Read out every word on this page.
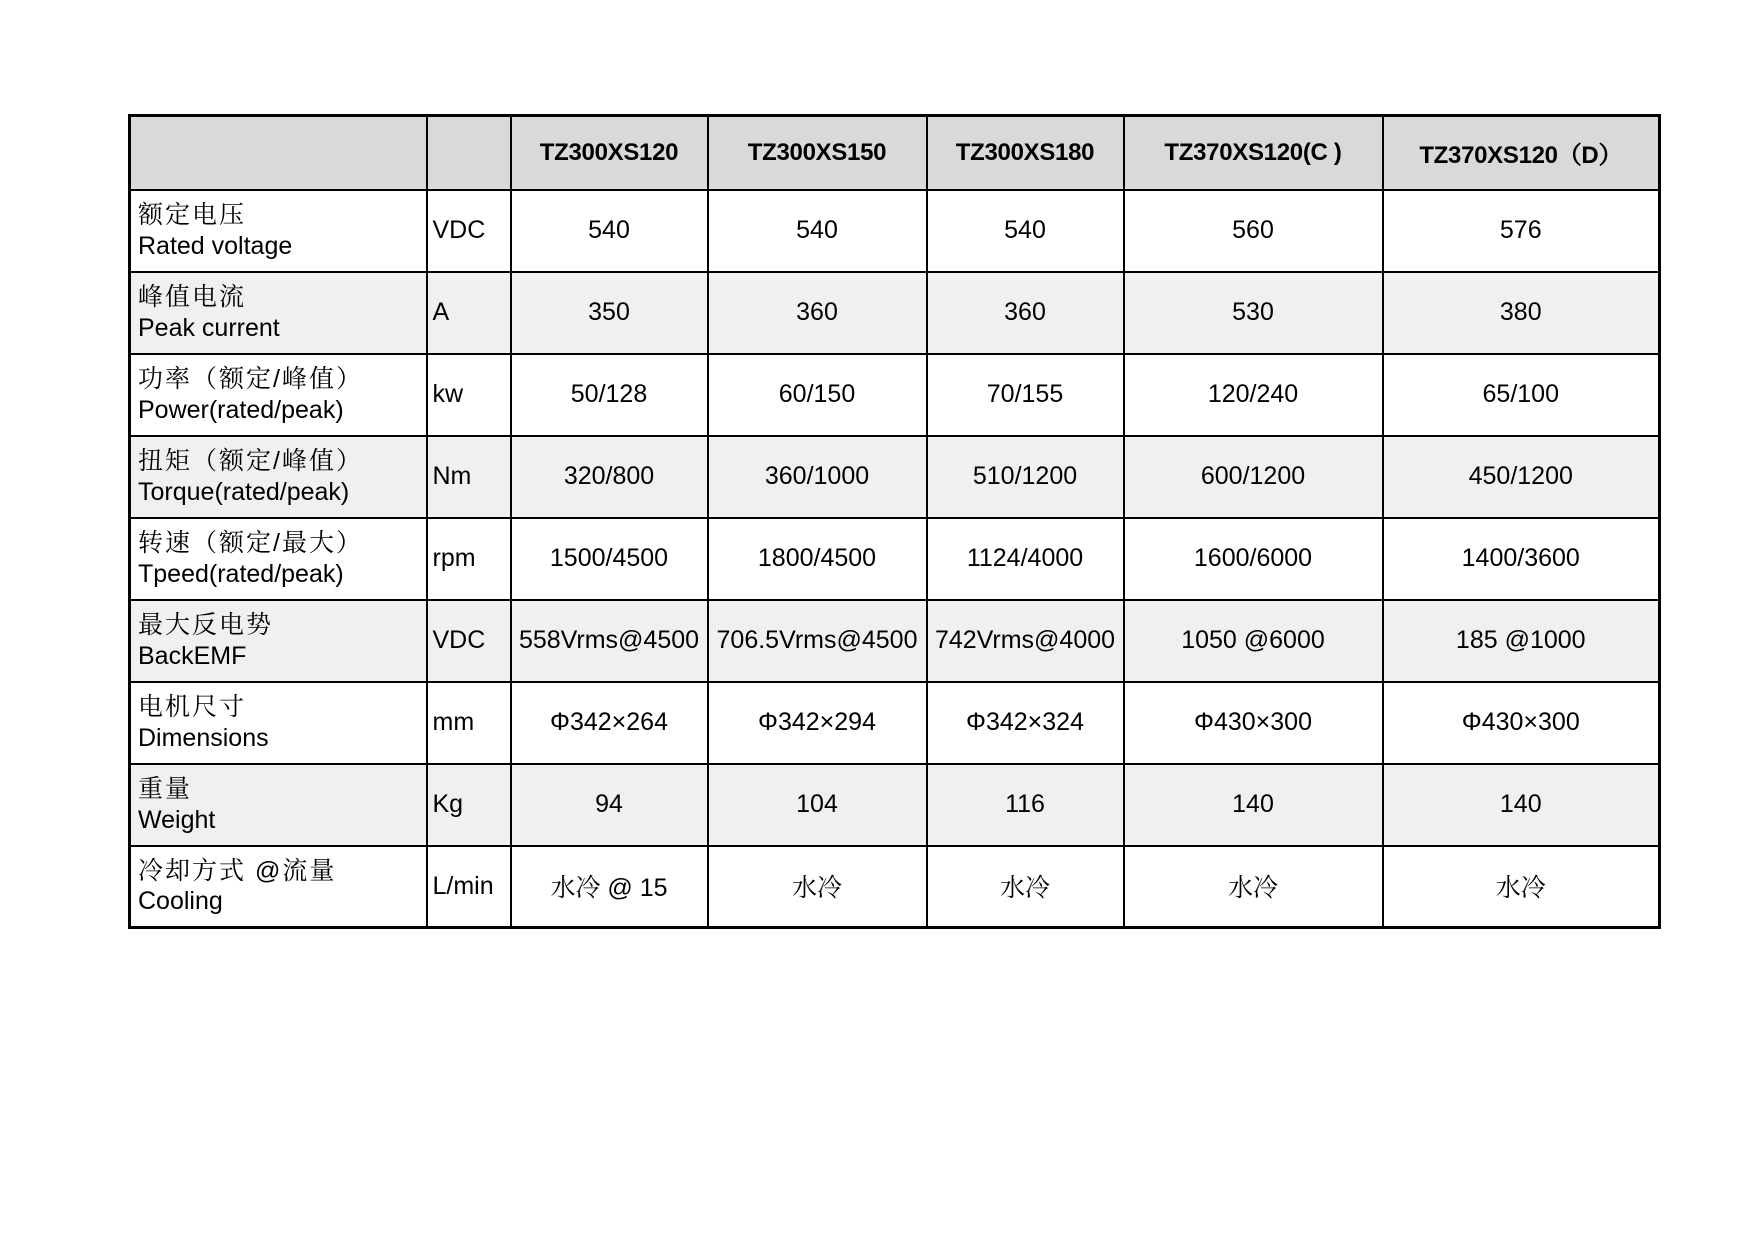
		TZ300XS120	TZ300XS150	TZ300XS180	TZ370XS120(C )	TZ370XS120（D）

额定电压
Rated voltage	VDC	540	540	540	560	576

峰值电流
Peak current	A	350	360	360	530	380

功率（额定/峰值）
Power(rated/peak)	kw	50/128	60/150	70/155	120/240	65/100

扭矩（额定/峰值）
Torque(rated/peak)	Nm	320/800	360/1000	510/1200	600/1200	450/1200

转速（额定/最大）
Tpeed(rated/peak)	rpm	1500/4500	1800/4500	1124/4000	1600/6000	1400/3600

最大反电势
BackEMF	VDC	558Vrms@4500	706.5Vrms@4500	742Vrms@4000	1050 @6000	185 @1000

电机尺寸
Dimensions	mm	Φ342×264	Φ342×294	Φ342×324	Φ430×300	Φ430×300

重量
Weight	Kg	94	104	116	140	140

冷却方式 @流量
Cooling	L/min	水冷 @ 15	水冷	水冷	水冷	水冷
